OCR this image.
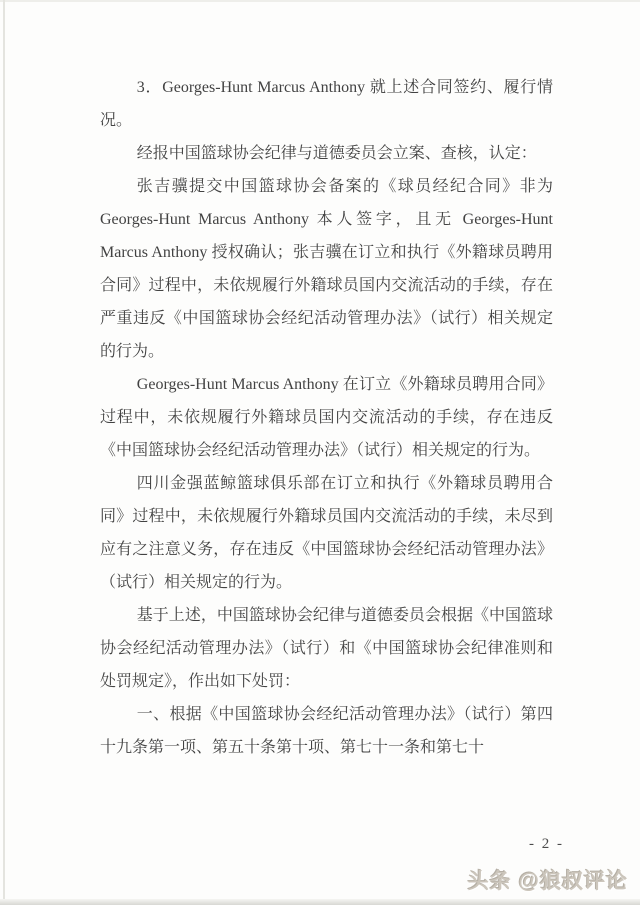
3．Georges-Hunt Marcus Anthony 就上述合同签约、履行情况。

经报中国篮球协会纪律与道德委员会立案、查核，认定：

张吉骥提交中国篮球协会备案的《球员经纪合同》非为 Georges-Hunt Marcus Anthony 本人签字，且无 Georges-Hunt Marcus Anthony 授权确认；张吉骥在订立和执行《外籍球员聘用合同》过程中，未依规履行外籍球员国内交流活动的手续，存在严重违反《中国篮球协会经纪活动管理办法》（试行）相关规定的行为。

Georges-Hunt Marcus Anthony 在订立《外籍球员聘用合同》过程中，未依规履行外籍球员国内交流活动的手续，存在违反《中国篮球协会经纪活动管理办法》（试行）相关规定的行为。

四川金强蓝鲸篮球俱乐部在订立和执行《外籍球员聘用合同》过程中，未依规履行外籍球员国内交流活动的手续，未尽到应有之注意义务，存在违反《中国篮球协会经纪活动管理办法》（试行）相关规定的行为。

基于上述，中国篮球协会纪律与道德委员会根据《中国篮球协会经纪活动管理办法》（试行）和《中国篮球协会纪律准则和处罚规定》，作出如下处罚：

一、根据《中国篮球协会经纪活动管理办法》（试行）第四十九条第一项、第五十条第十项、第七十一条和第七十

- 2 -
头条 @狼叔评论
